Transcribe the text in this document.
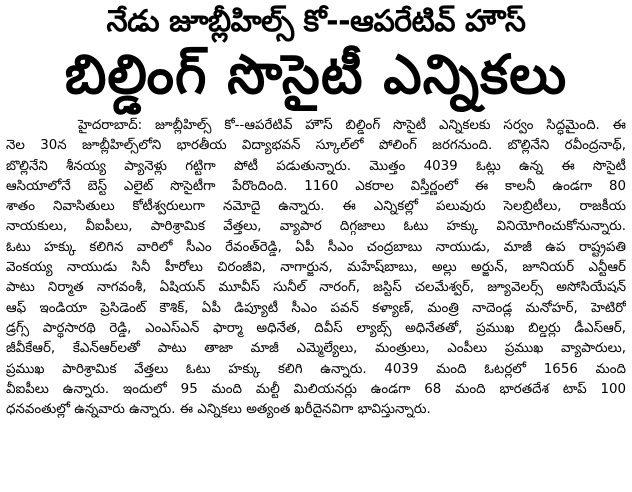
నేడు జూబ్లీహిల్స్ కో--ఆపరేటివ్ హౌస్
బిల్డింగ్ సొసైటీ ఎన్నికలు
హైదరాబాద్: జూబ్లీహిల్స్ కో--ఆపరేటివ్ హౌస్ బిల్డింగ్ సొసైటీ ఎన్నికలకు సర్వం సిద్ధమైంది. ఈ
నెల 30న జూబ్లీహిల్స్‌లోని భారతీయ విద్యాభవన్ స్కూల్‌లో పోలింగ్ జరగనుంది. బొల్లినేని రవీంద్రనాథ్,
బొల్లినేని శీనయ్య ప్యానెళ్లు గట్టిగా పోటీ పడుతున్నారు. మొత్తం 4039 ఓట్లు ఉన్న ఈ సొసైటీ
ఆసియాలోనే బెస్ట్ ఎలైట్ సొసైటీగా పేరొందింది. 1160 ఎకరాల విస్తీర్ణంలో ఈ కాలనీ ఉండగా 80
శాతం నివాసితులు కోటీశ్వరులుగా నమోదై ఉన్నారు. ఈ ఎన్నికల్లో పలువురు సెలబ్రిటీలు, రాజకీయ
నాయకులు, వీఐపీలు, పారిశ్రామిక వేత్తలు, వ్యాపార దిగ్గజాలు ఓటు హక్కు వినియోగించుకోనున్నారు.
ఓటు హక్కు కలిగిన వారిలో సీఎం రేవంత్‌రెడ్డి, ఏపీ సీఎం చంద్రబాబు నాయుడు, మాజీ ఉప రాష్ట్రపతి
వెంకయ్య నాయుడు సినీ హీరోలు చిరంజీవి, నాగార్జున, మహేష్‌బాబు, అల్లు అర్జున్, జూనియర్ ఎన్టీఆర్
పాటు నిర్మాత నాగవంశీ, ఏషియన్ మూవీస్ సునీల్ నారంగ్, జస్టిస్ చలమేశ్వర్, జ్యూవెలర్స్ అసోసియేషన్
ఆఫ్ ఇండియా ప్రెసిడెంట్ కౌశిక్, ఏపీ డిప్యూటీ సీఎం పవన్ కళ్యాణ్, మంత్రి నాదెండ్ల మనోహర్, హెటిరో
డ్రగ్స్ పార్థసారథి రెడ్డి, ఎంఎస్ఎన్ ఫార్మా అధినేత, దివీస్ ల్యాబ్స్ అధినేతతో, ప్రముఖ బిల్డర్లు డీఎస్ఆర్,
జీవీకేఆర్, కేఎన్ఆర్‌లతో పాటు తాజా మాజీ ఎమ్మెల్యేలు, మంత్రులు, ఎంపీలు ప్రముఖ వ్యాపారులు,
ప్రముఖ పారిశ్రామిక వేత్తలు ఓటు హక్కు కలిగి ఉన్నారు. 4039 మంది ఓటర్లలో 1656 మంది
వీఐపీలు ఉన్నారు. ఇందులో 95 మంది మల్టీ మిలియనర్లు ఉండగా 68 మంది భారతదేశ టాప్ 100
ధనవంతుల్లో ఉన్నవారు ఉన్నారు. ఈ ఎన్నికలు అత్యంత ఖరీదైనవిగా భావిస్తున్నారు.
